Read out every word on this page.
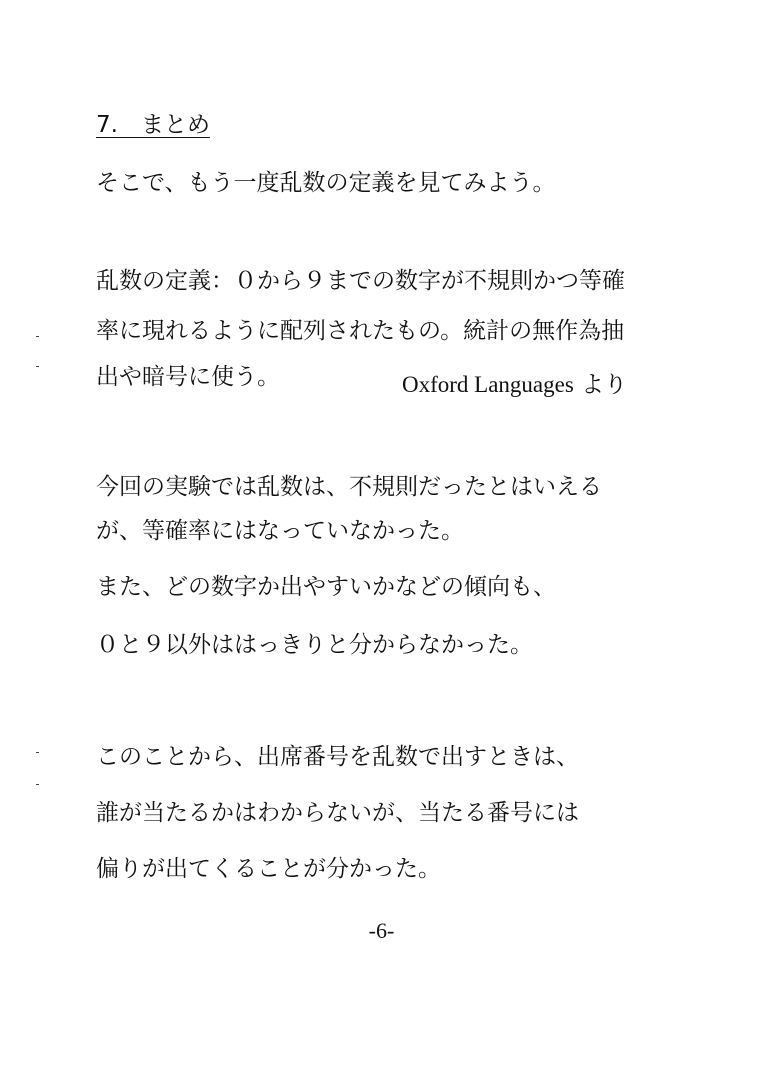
7.　まとめ
そこで、もう一度乱数の定義を見てみよう。
乱数の定義：０から９までの数字が不規則かつ等確
率に現れるように配列されたもの。統計の無作為抽
出や暗号に使う。	Oxford Languages より
今回の実験では乱数は、不規則だったとはいえる
が、等確率にはなっていなかった。
また、どの数字か出やすいかなどの傾向も、
０と９以外ははっきりと分からなかった。
このことから、出席番号を乱数で出すときは、
誰が当たるかはわからないが、当たる番号には
偏りが出てくることが分かった。
-6-
